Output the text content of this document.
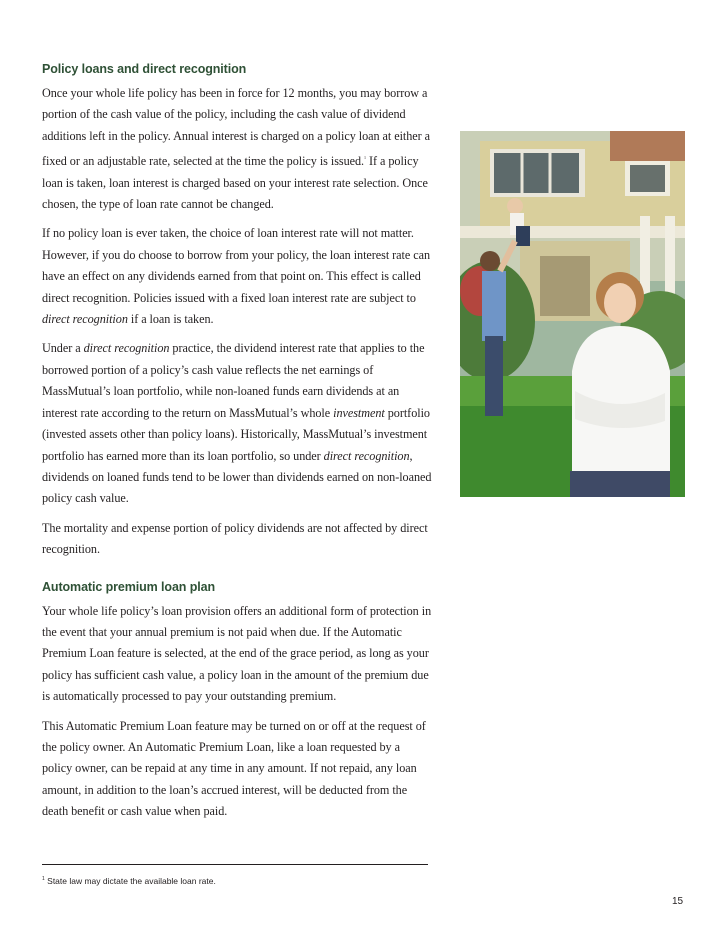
Policy loans and direct recognition

Once your whole life policy has been in force for 12 months, you may borrow a portion of the cash value of the policy, including the cash value of dividend additions left in the policy. Annual interest is charged on a policy loan at either a fixed or an adjustable rate, selected at the time the policy is issued.$^1$ If a policy loan is taken, loan interest is charged based on your interest rate selection. Once chosen, the type of loan rate cannot be changed.

If no policy loan is ever taken, the choice of loan interest rate will not matter. However, if you do choose to borrow from your policy, the loan interest rate can have an effect on any dividends earned from that point on. This effect is called direct recognition. Policies issued with a fixed loan interest rate are subject to direct recognition if a loan is taken.

Under a direct recognition practice, the dividend interest rate that applies to the borrowed portion of a policy’s cash value reflects the net earnings of MassMutual’s loan portfolio, while non-loaned funds earn dividends at an interest rate according to the return on MassMutual’s whole investment portfolio (invested assets other than policy loans). Historically, MassMutual’s investment portfolio has earned more than its loan portfolio, so under direct recognition, dividends on loaned funds tend to be lower than dividends earned on non-loaned policy cash value.

The mortality and expense portion of policy dividends are not affected by direct recognition.

Automatic premium loan plan

Your whole life policy’s loan provision offers an additional form of protection in the event that your annual premium is not paid when due. If the Automatic Premium Loan feature is selected, at the end of the grace period, as long as your policy has sufficient cash value, a policy loan in the amount of the premium due is automatically processed to pay your outstanding premium.

This Automatic Premium Loan feature may be turned on or off at the request of the policy owner. An Automatic Premium Loan, like a loan requested by a policy owner, can be repaid at any time in any amount. If not repaid, any loan amount, in addition to the loan’s accrued interest, will be deducted from the death benefit or cash value when paid.

$^1$ State law may dictate the available loan rate.
15
